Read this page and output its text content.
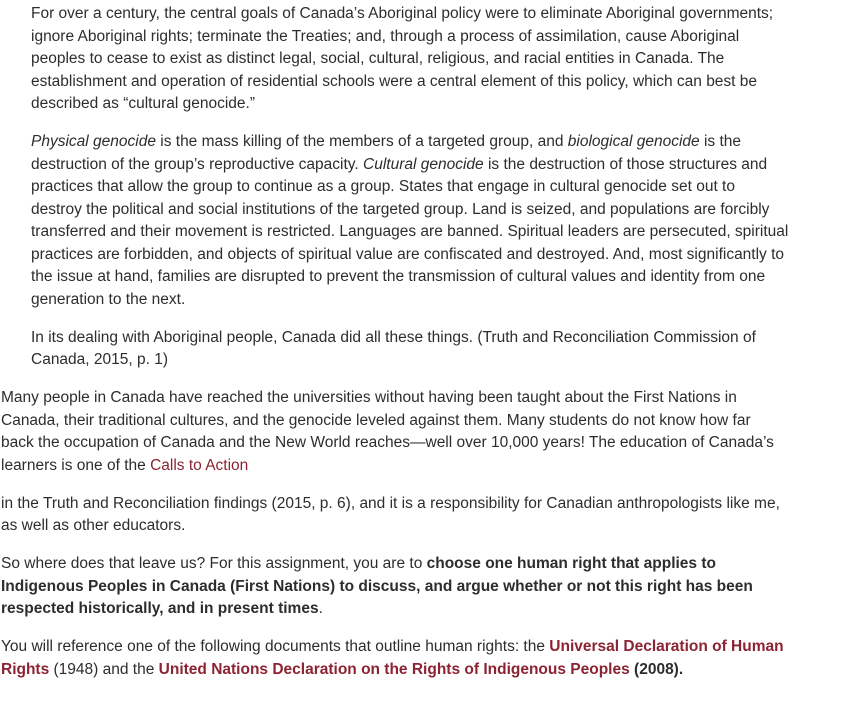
For over a century, the central goals of Canada’s Aboriginal policy were to eliminate Aboriginal governments; ignore Aboriginal rights; terminate the Treaties; and, through a process of assimilation, cause Aboriginal peoples to cease to exist as distinct legal, social, cultural, religious, and racial entities in Canada. The establishment and operation of residential schools were a central element of this policy, which can best be described as “cultural genocide.”

Physical genocide is the mass killing of the members of a targeted group, and biological genocide is the destruction of the group’s reproductive capacity. Cultural genocide is the destruction of those structures and practices that allow the group to continue as a group. States that engage in cultural genocide set out to destroy the political and social institutions of the targeted group. Land is seized, and populations are forcibly transferred and their movement is restricted. Languages are banned. Spiritual leaders are persecuted, spiritual practices are forbidden, and objects of spiritual value are confiscated and destroyed. And, most significantly to the issue at hand, families are disrupted to prevent the transmission of cultural values and identity from one generation to the next.

In its dealing with Aboriginal people, Canada did all these things. (Truth and Reconciliation Commission of Canada, 2015, p. 1)

Many people in Canada have reached the universities without having been taught about the First Nations in Canada, their traditional cultures, and the genocide leveled against them. Many students do not know how far back the occupation of Canada and the New World reaches—well over 10,000 years! The education of Canada’s learners is one of the Calls to Action

in the Truth and Reconciliation findings (2015, p. 6), and it is a responsibility for Canadian anthropologists like me, as well as other educators.

So where does that leave us? For this assignment, you are to choose one human right that applies to Indigenous Peoples in Canada (First Nations) to discuss, and argue whether or not this right has been respected historically, and in present times.

You will reference one of the following documents that outline human rights: the Universal Declaration of Human Rights (1948) and the United Nations Declaration on the Rights of Indigenous Peoples (2008).
